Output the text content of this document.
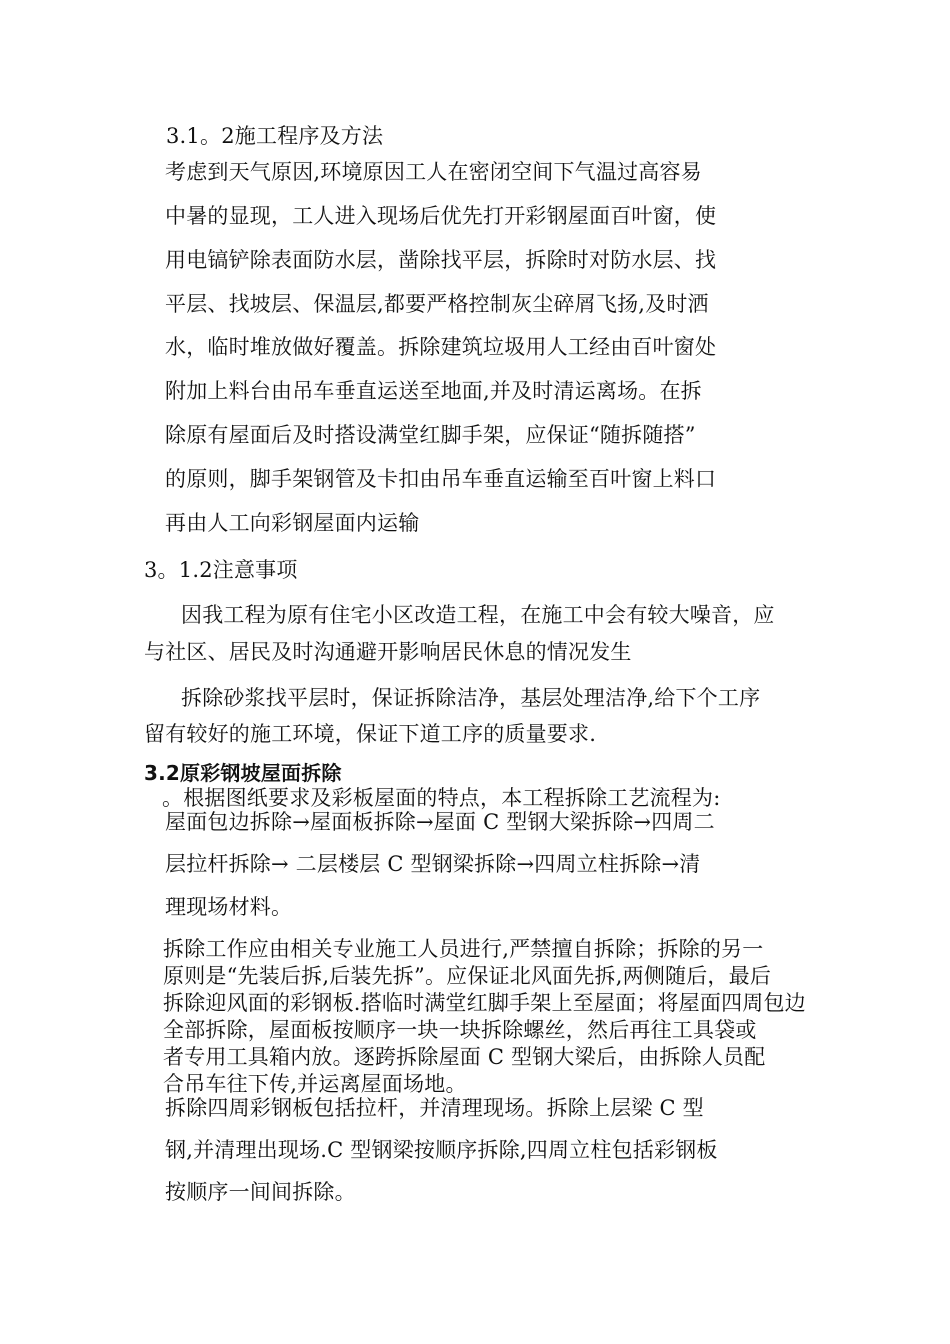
3.1。2施工程序及方法
考虑到天气原因,环境原因工人在密闭空间下气温过高容易
中暑的显现，工人进入现场后优先打开彩钢屋面百叶窗，使
用电镐铲除表面防水层，凿除找平层，拆除时对防水层、找
平层、找坡层、保温层,都要严格控制灰尘碎屑飞扬,及时洒
水，临时堆放做好覆盖。拆除建筑垃圾用人工经由百叶窗处
附加上料台由吊车垂直运送至地面,并及时清运离场。在拆
除原有屋面后及时搭设满堂红脚手架，应保证“随拆随搭”
的原则，脚手架钢管及卡扣由吊车垂直运输至百叶窗上料口
再由人工向彩钢屋面内运输
3。1.2注意事项
因我工程为原有住宅小区改造工程，在施工中会有较大噪音，应
与社区、居民及时沟通避开影响居民休息的情况发生
拆除砂浆找平层时，保证拆除洁净，基层处理洁净,给下个工序
留有较好的施工环境，保证下道工序的质量要求.
3.2原彩钢坡屋面拆除
。根据图纸要求及彩板屋面的特点，本工程拆除工艺流程为:
屋面包边拆除→屋面板拆除→屋面 C 型钢大梁拆除→四周二
层拉杆拆除→ 二层楼层 C 型钢梁拆除→四周立柱拆除→清
理现场材料。
拆除工作应由相关专业施工人员进行,严禁擅自拆除；拆除的另一
原则是“先装后拆,后装先拆”。应保证北风面先拆,两侧随后，最后
拆除迎风面的彩钢板.搭临时满堂红脚手架上至屋面；将屋面四周包边
全部拆除，屋面板按顺序一块一块拆除螺丝，然后再往工具袋或
者专用工具箱内放。逐跨拆除屋面 C 型钢大梁后，由拆除人员配
合吊车往下传,并运离屋面场地。
拆除四周彩钢板包括拉杆，并清理现场。拆除上层梁 C 型
钢,并清理出现场.C 型钢梁按顺序拆除,四周立柱包括彩钢板
按顺序一间间拆除。
